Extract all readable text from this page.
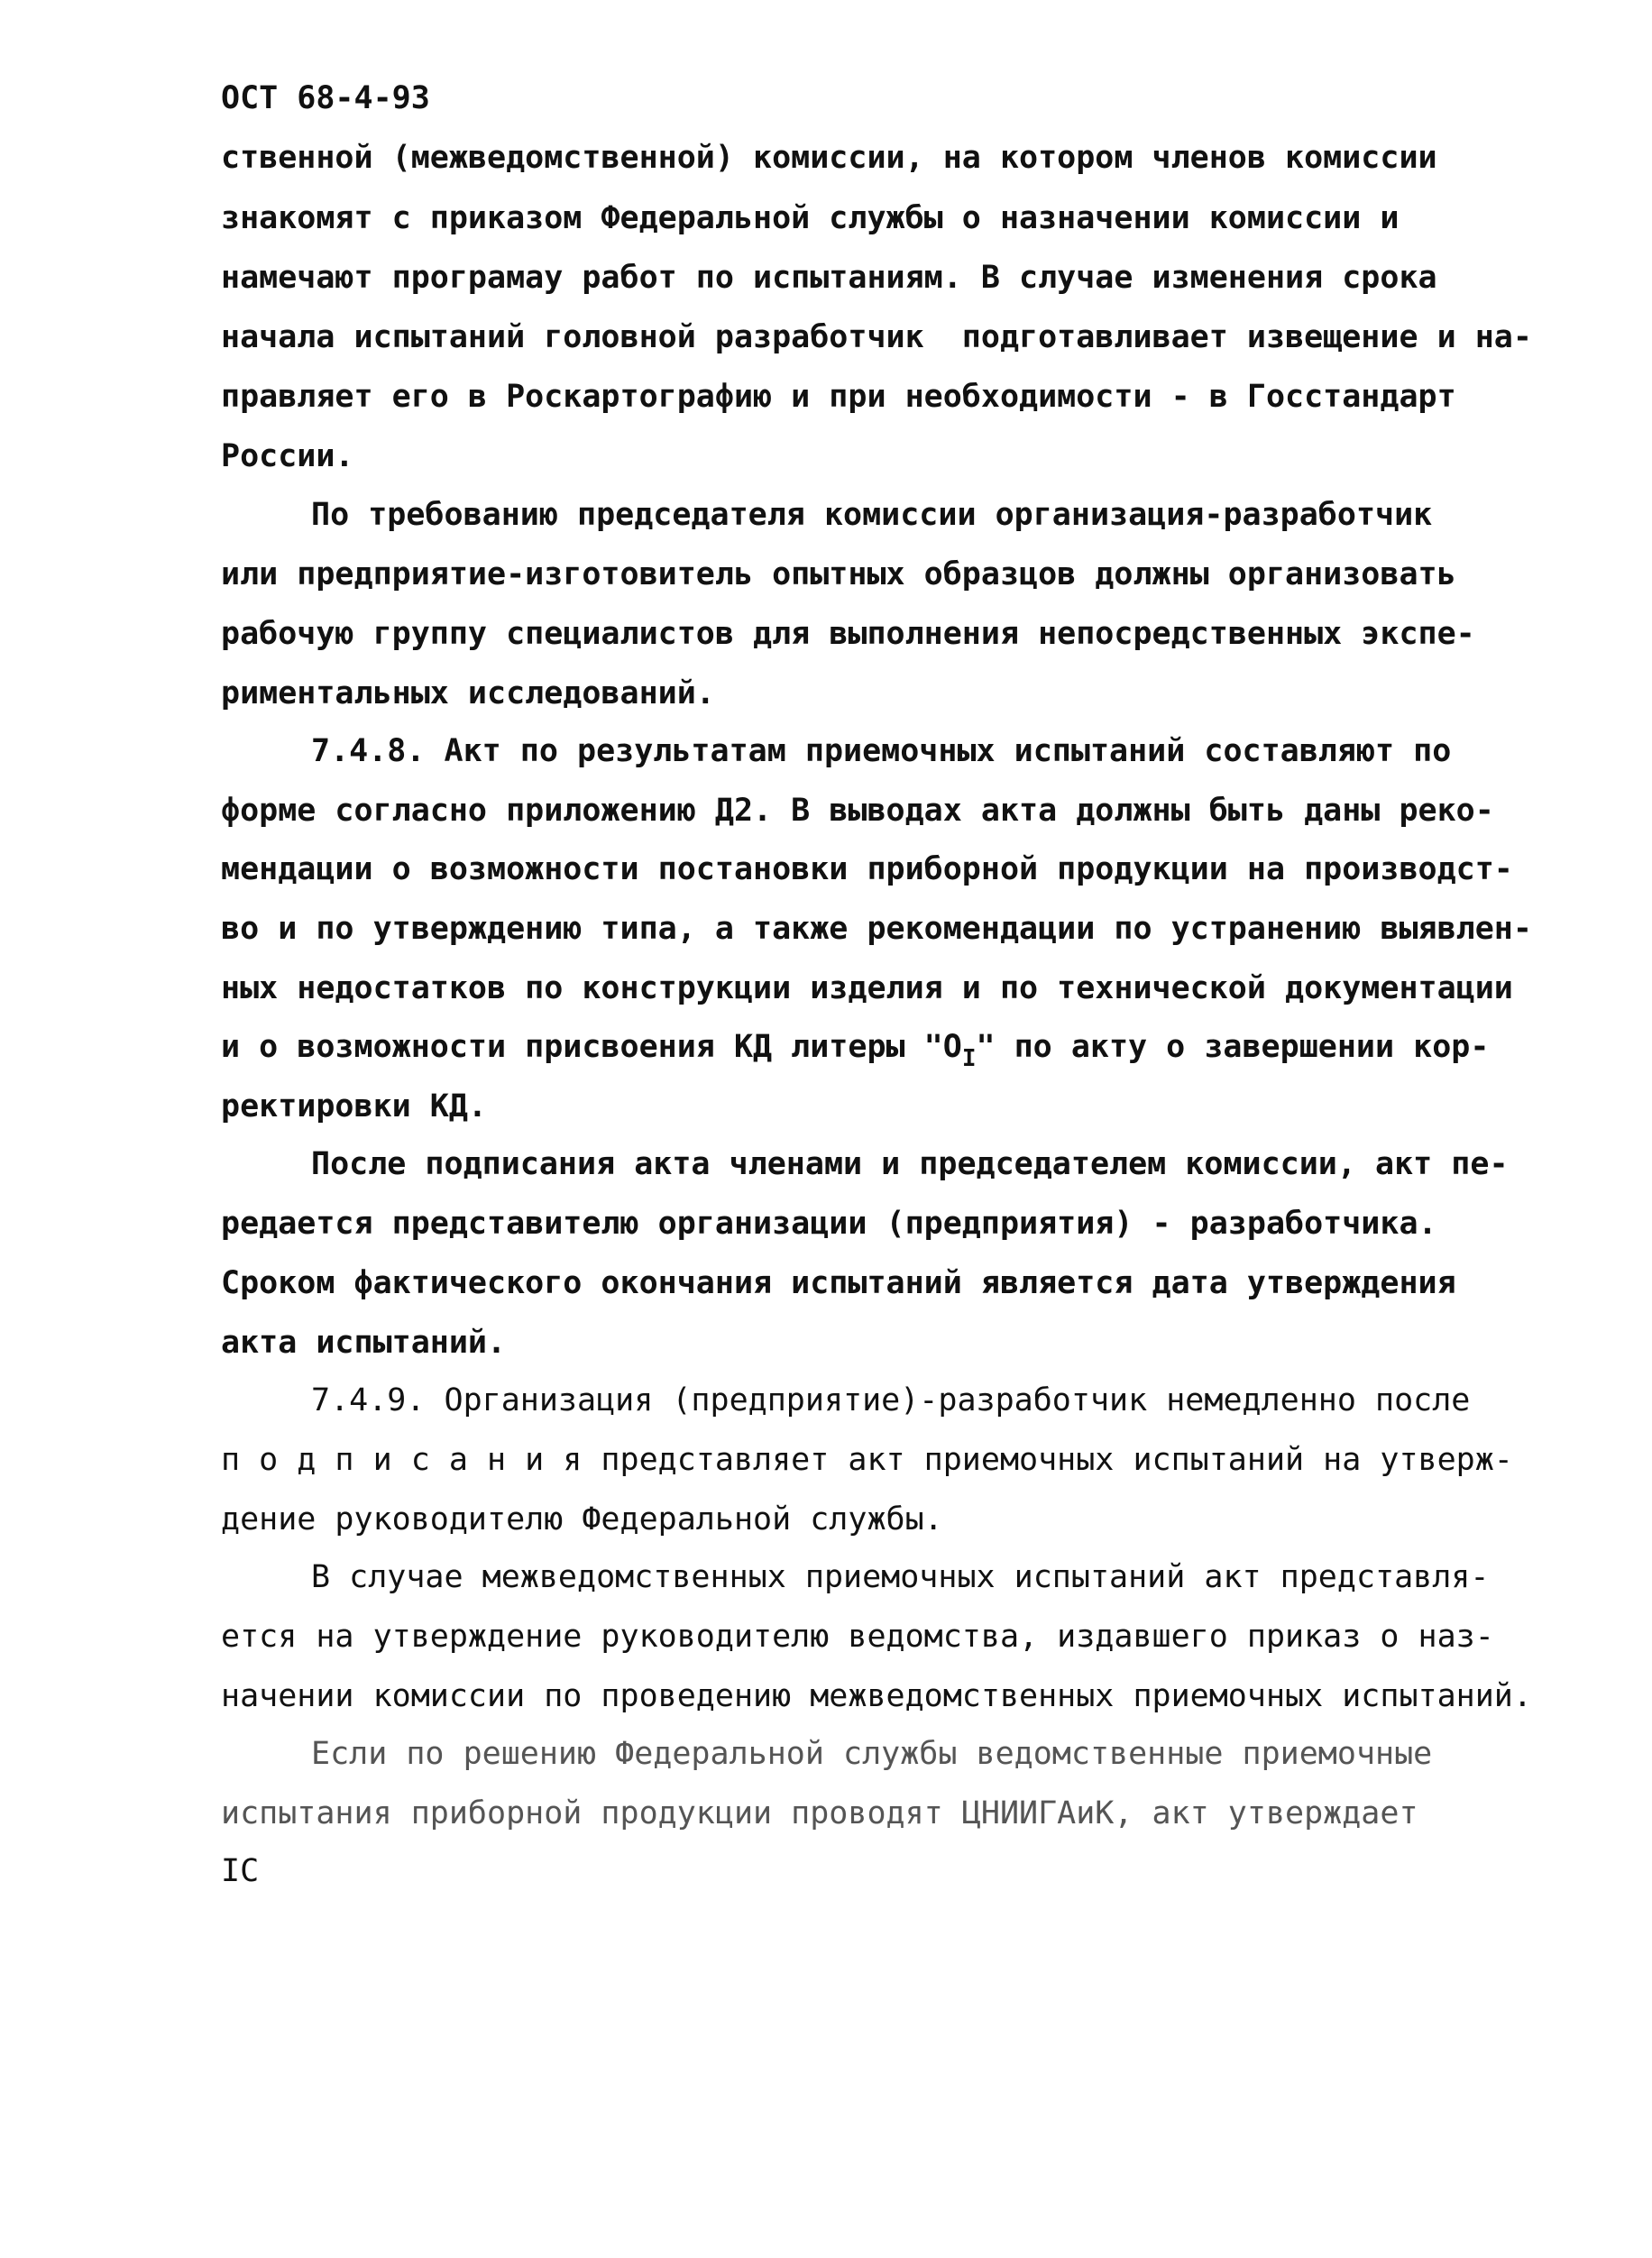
ОСТ 68-4-93
ственной (межведомственной) комиссии, на котором членов комиссии
знакомят с приказом Федеральной службы о назначении комиссии и
намечают програмау работ по испытаниям. В случае изменения срока
начала испытаний головной разработчик  подготавливает извещение и на-
правляет его в Роскартографию и при необходимости - в Госстандарт
России.
По требованию председателя комиссии организация-разработчик
или предприятие-изготовитель опытных образцов должны организовать
рабочую группу специалистов для выполнения непосредственных экспе-
риментальных исследований.
7.4.8. Акт по результатам приемочных испытаний составляют по
форме согласно приложению Д2. В выводах акта должны быть даны реко-
мендации о возможности постановки приборной продукции на производст-
во и по утверждению типа, а также рекомендации по устранению выявлен-
ных недостатков по конструкции изделия и по технической документации
и о возможности присвоения КД литеры "$О_I$" по акту о завершении кор-
ректировки КД.
После подписания акта членами и председателем комиссии, акт пе-
редается представителю организации (предприятия) - разработчика.
Сроком фактического окончания испытаний является дата утверждения
акта испытаний.
7.4.9. Организация (предприятие)-разработчик немедленно после
п о д п и с а н и я представляет акт приемочных испытаний на утверж-
дение руководителю Федеральной службы.
В случае межведомственных приемочных испытаний акт представля-
ется на утверждение руководителю ведомства, издавшего приказ о наз-
начении комиссии по проведению межведомственных приемочных испытаний.
Если по решению Федеральной службы ведомственные приемочные
испытания приборной продукции проводят ЦНИИГАиК, акт утверждает
IC
